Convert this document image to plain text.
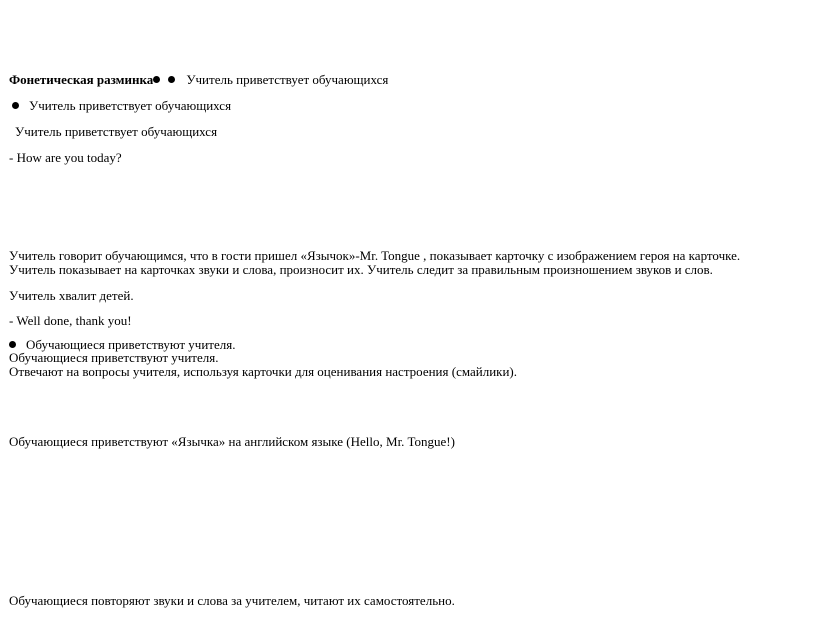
Фонетическая разминка	Учитель приветствует обучающихся
Учитель приветствует обучающихся
Учитель приветствует обучающихся
- How are you today?
Учитель говорит обучающимся, что в гости пришел «Язычок»-Mr. Tongue , показывает карточку с изображением героя на карточке.
Учитель показывает на карточках звуки и слова, произносит их. Учитель следит за правильным произношением звуков и слов.
Учитель хвалит детей.
- Well done, thank you!
Обучающиеся приветствуют учителя.
Обучающиеся приветствуют учителя.
Отвечают на вопросы учителя, используя карточки для оценивания настроения (смайлики).
Обучающиеся приветствуют «Язычка» на английском языке (Hello, Mr. Tongue!)
Обучающиеся повторяют звуки и слова за учителем, читают их самостоятельно.
